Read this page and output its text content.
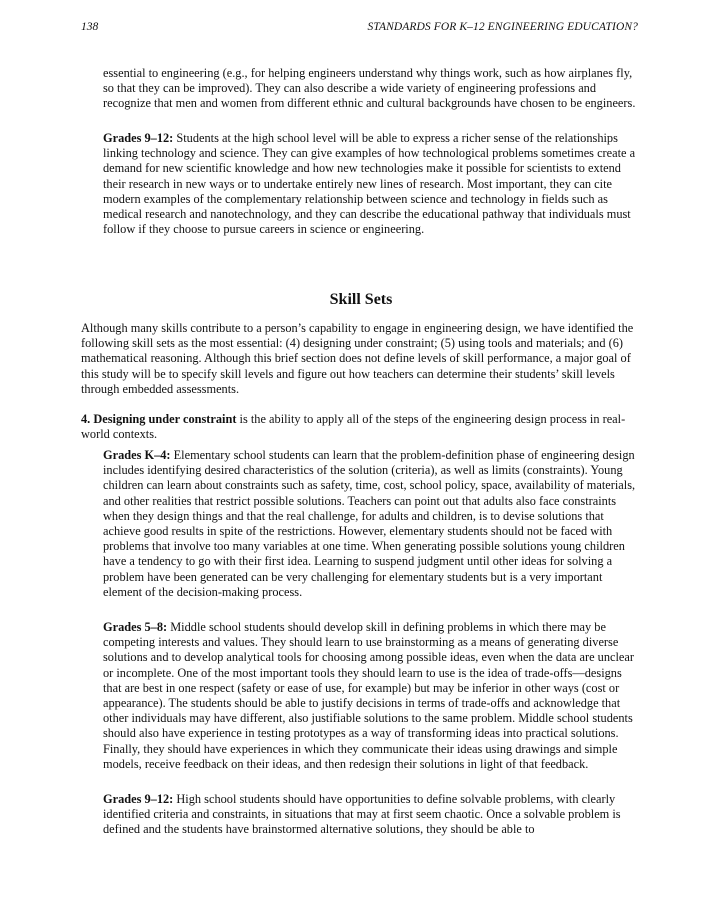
138	STANDARDS FOR K–12 ENGINEERING EDUCATION?
essential to engineering (e.g., for helping engineers understand why things work, such as how airplanes fly, so that they can be improved). They can also describe a wide variety of engineering professions and recognize that men and women from different ethnic and cultural backgrounds have chosen to be engineers.
Grades 9–12: Students at the high school level will be able to express a richer sense of the relationships linking technology and science. They can give examples of how technological problems sometimes create a demand for new scientific knowledge and how new technologies make it possible for scientists to extend their research in new ways or to undertake entirely new lines of research. Most important, they can cite modern examples of the complementary relationship between science and technology in fields such as medical research and nanotechnology, and they can describe the educational pathway that individuals must follow if they choose to pursue careers in science or engineering.
Skill Sets
Although many skills contribute to a person’s capability to engage in engineering design, we have identified the following skill sets as the most essential: (4) designing under constraint; (5) using tools and materials; and (6) mathematical reasoning. Although this brief section does not define levels of skill performance, a major goal of this study will be to specify skill levels and figure out how teachers can determine their students’ skill levels through embedded assessments.
4. Designing under constraint is the ability to apply all of the steps of the engineering design process in real-world contexts.
Grades K–4: Elementary school students can learn that the problem-definition phase of engineering design includes identifying desired characteristics of the solution (criteria), as well as limits (constraints). Young children can learn about constraints such as safety, time, cost, school policy, space, availability of materials, and other realities that restrict possible solutions. Teachers can point out that adults also face constraints when they design things and that the real challenge, for adults and children, is to devise solutions that achieve good results in spite of the restrictions. However, elementary students should not be faced with problems that involve too many variables at one time. When generating possible solutions young children have a tendency to go with their first idea. Learning to suspend judgment until other ideas for solving a problem have been generated can be very challenging for elementary students but is a very important element of the decision-making process.
Grades 5–8: Middle school students should develop skill in defining problems in which there may be competing interests and values. They should learn to use brainstorming as a means of generating diverse solutions and to develop analytical tools for choosing among possible ideas, even when the data are unclear or incomplete. One of the most important tools they should learn to use is the idea of trade-offs—designs that are best in one respect (safety or ease of use, for example) but may be inferior in other ways (cost or appearance). The students should be able to justify decisions in terms of trade-offs and acknowledge that other individuals may have different, also justifiable solutions to the same problem. Middle school students should also have experience in testing prototypes as a way of transforming ideas into practical solutions. Finally, they should have experiences in which they communicate their ideas using drawings and simple models, receive feedback on their ideas, and then redesign their solutions in light of that feedback.
Grades 9–12: High school students should have opportunities to define solvable problems, with clearly identified criteria and constraints, in situations that may at first seem chaotic. Once a solvable problem is defined and the students have brainstormed alternative solutions, they should be able to
